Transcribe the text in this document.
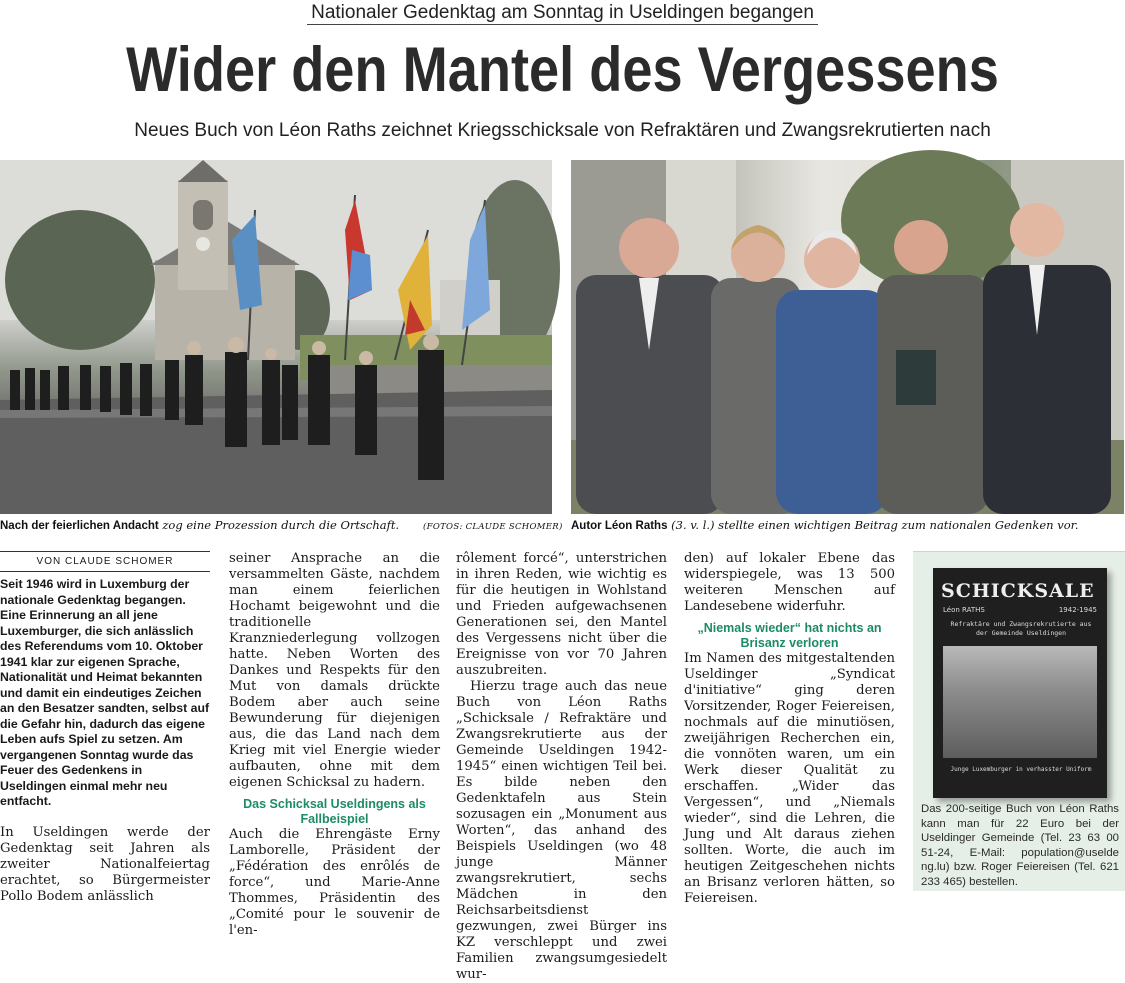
Nationaler Gedenktag am Sonntag in Useldingen begangen
Wider den Mantel des Vergessens
Neues Buch von Léon Raths zeichnet Kriegsschicksale von Refraktären und Zwangsrekrutierten nach
Nach der feierlichen Andacht zog eine Prozession durch die Ortschaft.	(FOTOS: CLAUDE SCHOMER) Autor Léon Raths (3. v. l.) stellte einen wichtigen Beitrag zum nationalen Gedenken vor.
VON CLAUDE SCHOMER

Seit 1946 wird in Luxemburg der nationale Gedenktag begangen. Eine Erinnerung an all jene Luxemburger, die sich anlässlich des Referendums vom 10. Oktober 1941 klar zur eigenen Sprache, Nationalität und Heimat bekannten und damit ein eindeutiges Zeichen an den Besatzer sandten, selbst auf die Gefahr hin, dadurch das eigene Leben aufs Spiel zu setzen. Am vergangenen Sonntag wurde das Feuer des Gedenkens in Useldingen einmal mehr neu entfacht.

In Useldingen werde der Gedenktag seit Jahren als zweiter Nationalfeiertag erachtet, so Bürgermeister Pollo Bodem anlässlich

seiner Ansprache an die versammelten Gäste, nachdem man einem feierlichen Hochamt beigewohnt und die traditionelle Kranzniederlegung vollzogen hatte. Neben Worten des Dankes und Respekts für den Mut von damals drückte Bodem aber auch seine Bewunderung für diejenigen aus, die das Land nach dem Krieg mit viel Energie wieder aufbauten, ohne mit dem eigenen Schicksal zu hadern.

Das Schicksal Useldingens als Fallbeispiel

Auch die Ehrengäste Erny Lamborelle, Präsident der „Fédération des enrôlés de force“, und Marie-Anne Thommes, Präsidentin des „Comité pour le souvenir de l'en-

rôlement forcé“, unterstrichen in ihren Reden, wie wichtig es für die heutigen in Wohlstand und Frieden aufgewachsenen Generationen sei, den Mantel des Vergessens nicht über die Ereignisse von vor 70 Jahren auszubreiten.

Hierzu trage auch das neue Buch von Léon Raths „Schicksale / Refraktäre und Zwangsrekrutierte aus der Gemeinde Useldingen 1942-1945“ einen wichtigen Teil bei. Es bilde neben den Gedenktafeln aus Stein sozusagen ein „Monument aus Worten“, das anhand des Beispiels Useldingen (wo 48 junge Männer zwangsrekrutiert, sechs Mädchen in den Reichsarbeitsdienst gezwungen, zwei Bürger ins KZ verschleppt und zwei Familien zwangsumgesiedelt wur-

den) auf lokaler Ebene das widerspiegele, was 13 500 weiteren Menschen auf Landesebene widerfuhr.

„Niemals wieder“ hat nichts an Brisanz verloren

Im Namen des mitgestaltenden Useldinger „Syndicat d'initiative“ ging deren Vorsitzender, Roger Feiereisen, nochmals auf die minutiösen, zweijährigen Recherchen ein, die vonnöten waren, um ein Werk dieser Qualität zu erschaffen. „Wider das Vergessen“, und „Niemals wieder“, sind die Lehren, die Jung und Alt daraus ziehen sollten. Worte, die auch im heutigen Zeitgeschehen nichts an Brisanz verloren hätten, so Feiereisen.

SCHICKSALE
Léon RATHS	1942-1945
Refraktäre und Zwangsrekrutierte aus der Gemeinde Useldingen
Junge Luxemburger in verhasster Uniform

Das 200-seitige Buch von Léon Raths kann man für 22 Euro bei der Useldinger Gemeinde (Tel. 23 63 00 51-24, E-Mail: population@uselde ng.lu) bzw. Roger Feiereisen (Tel. 621 233 465) bestellen.
